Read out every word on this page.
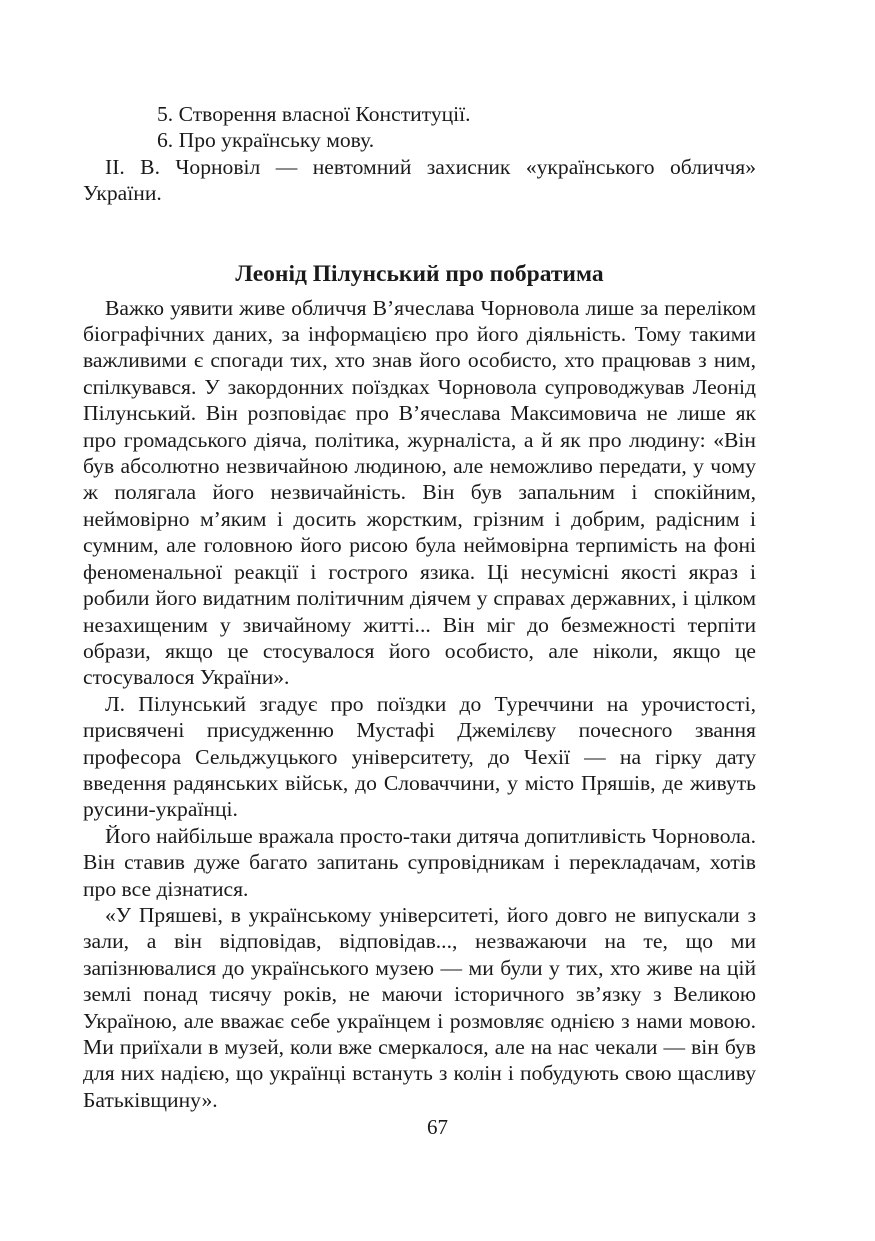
5. Створення власної Конституції.
6. Про українську мову.
ІІ. В. Чорновіл — невтомний захисник «українського обличчя» України.
Леонід Пілунський про побратима

Важко уявити живе обличчя В’ячеслава Чорновола лише за переліком біографічних даних, за інформацією про його діяльність. Тому такими важливими є спогади тих, хто знав його особисто, хто працював з ним, спілкувався. У закордонних поїздках Чорновола супроводжував Леонід Пілунський. Він розповідає про В’ячеслава Максимовича не лише як про громадського діяча, політика, журналіста, а й як про людину: «Він був абсолютно незвичайною людиною, але неможливо передати, у чому ж полягала його незвичайність. Він був запальним і спокійним, неймовірно м’яким і досить жорстким, грізним і добрим, радісним і сумним, але головною його рисою була неймовірна терпимість на фоні феноменальної реакції і гострого язика. Ці несумісні якості якраз і робили його видатним політичним діячем у справах державних, і цілком незахищеним у звичайному житті... Він міг до безмежності терпіти образи, якщо це стосувалося його особисто, але ніколи, якщо це стосувалося України».

Л. Пілунський згадує про поїздки до Туреччини на урочистості, присвячені присудженню Мустафі Джемілєву почесного звання професора Сельджуцького університету, до Чехії — на гірку дату введення радянських військ, до Словаччини, у місто Пряшів, де живуть русини-українці.

Його найбільше вражала просто-таки дитяча допитливість Чорновола. Він ставив дуже багато запитань супровідникам і перекладачам, хотів про все дізнатися.

«У Пряшеві, в українському університеті, його довго не випускали з зали, а він відповідав, відповідав..., незважаючи на те, що ми запізнювалися до українського музею — ми були у тих, хто живе на цій землі понад тисячу років, не маючи історичного зв’язку з Великою Україною, але вважає себе українцем і розмовляє однією з нами мовою. Ми приїхали в музей, коли вже смеркалося, але на нас чекали — він був для них надією, що українці встануть з колін і побудують свою щасливу Батьківщину».

67
